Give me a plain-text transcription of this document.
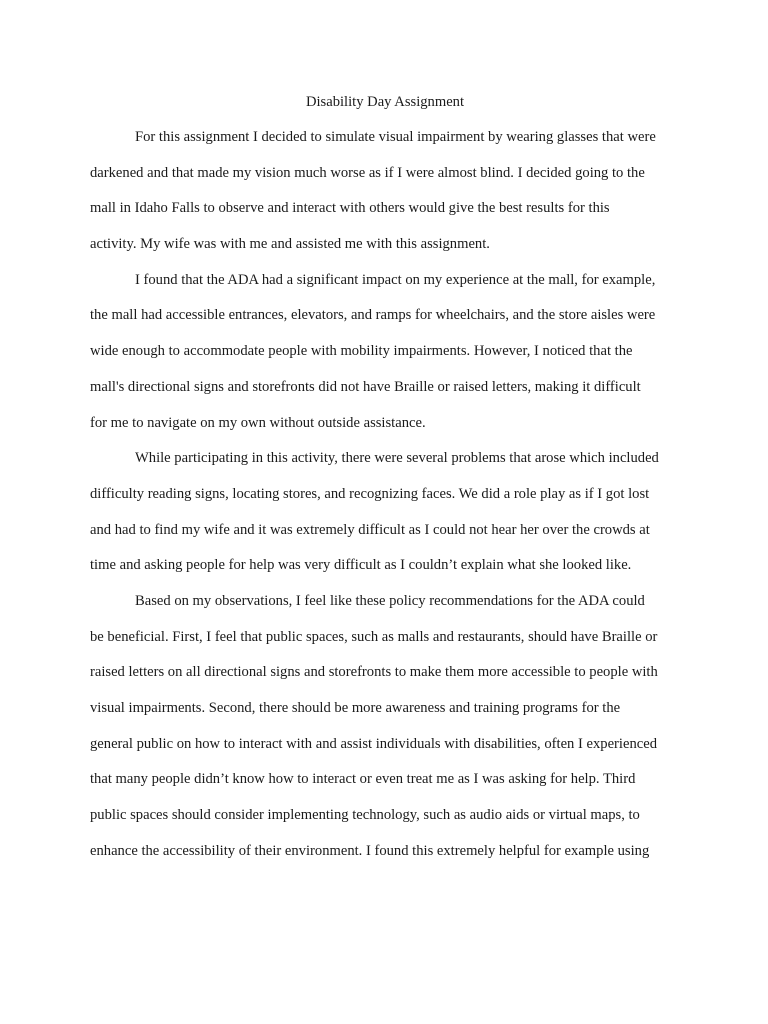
Disability Day Assignment
For this assignment I decided to simulate visual impairment by wearing glasses that were
darkened and that made my vision much worse as if I were almost blind. I decided going to the
mall in Idaho Falls to observe and interact with others would give the best results for this
activity. My wife was with me and assisted me with this assignment.
I found that the ADA had a significant impact on my experience at the mall, for example,
the mall had accessible entrances, elevators, and ramps for wheelchairs, and the store aisles were
wide enough to accommodate people with mobility impairments. However, I noticed that the
mall's directional signs and storefronts did not have Braille or raised letters, making it difficult
for me to navigate on my own without outside assistance.
While participating in this activity, there were several problems that arose which included
difficulty reading signs, locating stores, and recognizing faces. We did a role play as if I got lost
and had to find my wife and it was extremely difficult as I could not hear her over the crowds at
time and asking people for help was very difficult as I couldn’t explain what she looked like.
Based on my observations, I feel like these policy recommendations for the ADA could
be beneficial. First, I feel that public spaces, such as malls and restaurants, should have Braille or
raised letters on all directional signs and storefronts to make them more accessible to people with
visual impairments. Second, there should be more awareness and training programs for the
general public on how to interact with and assist individuals with disabilities, often I experienced
that many people didn’t know how to interact or even treat me as I was asking for help. Third
public spaces should consider implementing technology, such as audio aids or virtual maps, to
enhance the accessibility of their environment. I found this extremely helpful for example using
